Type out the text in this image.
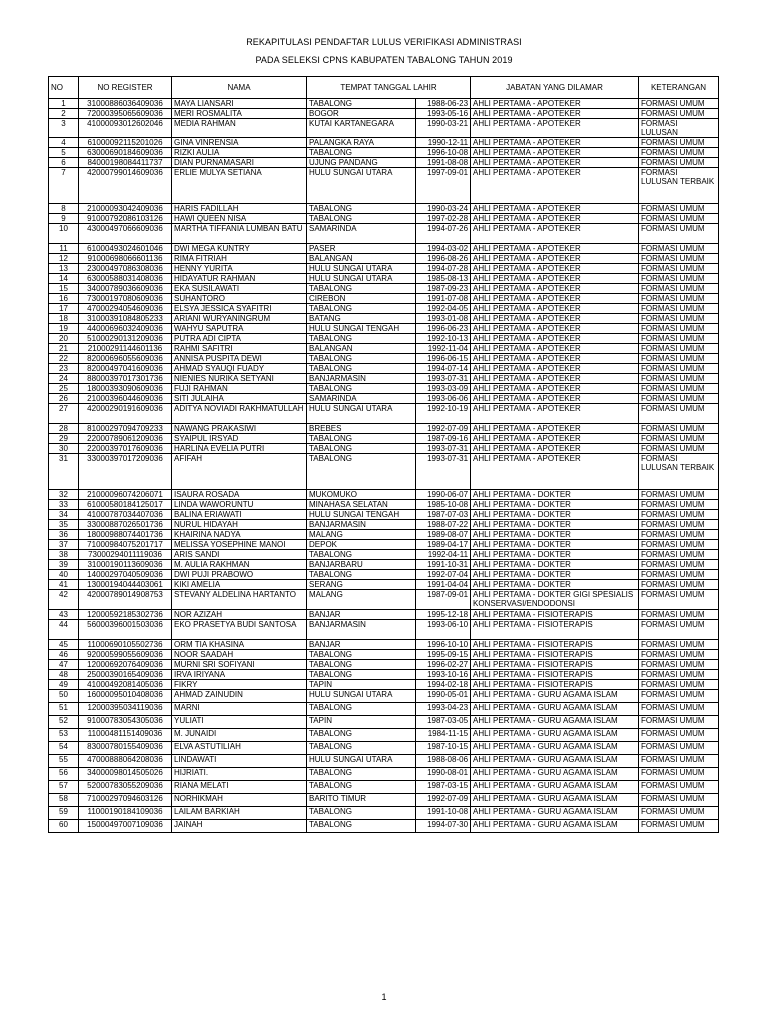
REKAPITULASI PENDAFTAR LULUS VERIFIKASI ADMINISTRASI
PADA SELEKSI CPNS KABUPATEN TABALONG TAHUN 2019
NO	NO REGISTER	NAMA	TEMPAT TANGGAL LAHIR		JABATAN YANG DILAMAR	KETERANGAN
1	31000886036409036	MAYA LIANSARI	TABALONG	1988-06-23	AHLI PERTAMA - APOTEKER	FORMASI UMUM
2	72000395065609036	MERI ROSMALITA	BOGOR	1993-05-16	AHLI PERTAMA - APOTEKER	FORMASI UMUM
3	41000093012602046	MEDIA RAHMAN	KUTAI KARTANEGARA	1990-03-21	AHLI PERTAMA - APOTEKER	FORMASI LULUSAN
4	61000092115201026	GINA VINRENSIA	PALANGKA RAYA	1990-12-11	AHLI PERTAMA - APOTEKER	FORMASI UMUM
5	63000690184609036	RIZKI AULIA	TABALONG	1996-10-08	AHLI PERTAMA - APOTEKER	FORMASI UMUM
6	84000198084411737	DIAN PURNAMASARI	UJUNG PANDANG	1991-08-08	AHLI PERTAMA - APOTEKER	FORMASI UMUM
7	42000799014609036	ERLIE MULYA SETIANA	HULU SUNGAI UTARA	1997-09-01	AHLI PERTAMA - APOTEKER	FORMASI LULUSAN TERBAIK
8	21000093042409036	HARIS FADILLAH	TABALONG	1990-03-24	AHLI PERTAMA - APOTEKER	FORMASI UMUM
9	91000792086103126	HAWI QUEEN NISA	TABALONG	1997-02-28	AHLI PERTAMA - APOTEKER	FORMASI UMUM
10	43000497066609036	MARTHA TIFFANIA LUMBAN BATU	SAMARINDA	1994-07-26	AHLI PERTAMA - APOTEKER	FORMASI UMUM
11	61000493024601046	DWI MEGA KUNTRY	PASER	1994-03-02	AHLI PERTAMA - APOTEKER	FORMASI UMUM
12	91000698066601136	RIMA FITRIAH	BALANGAN	1996-08-26	AHLI PERTAMA - APOTEKER	FORMASI UMUM
13	23000497086308036	HENNY YURITA	HULU SUNGAI UTARA	1994-07-28	AHLI PERTAMA - APOTEKER	FORMASI UMUM
14	63000588031408036	HIDAYATUR RAHMAN	HULU SUNGAI UTARA	1985-08-13	AHLI PERTAMA - APOTEKER	FORMASI UMUM
15	34000789036609036	EKA SUSILAWATI	TABALONG	1987-09-23	AHLI PERTAMA - APOTEKER	FORMASI UMUM
16	73000197080609036	SUHANTORO	CIREBON	1991-07-08	AHLI PERTAMA - APOTEKER	FORMASI UMUM
17	47000294054609036	ELSYA JESSICA SYAFITRI	TABALONG	1992-04-05	AHLI PERTAMA - APOTEKER	FORMASI UMUM
18	31000391084805233	ARIANI WURYANINGRUM	BATANG	1993-01-08	AHLI PERTAMA - APOTEKER	FORMASI UMUM
19	44000696032409036	WAHYU SAPUTRA	HULU SUNGAI TENGAH	1996-06-23	AHLI PERTAMA - APOTEKER	FORMASI UMUM
20	51000290131209036	PUTRA ADI CIPTA	TABALONG	1992-10-13	AHLI PERTAMA - APOTEKER	FORMASI UMUM
21	21000291144601136	RAHMI SAFITRI	BALANGAN	1992-11-04	AHLI PERTAMA - APOTEKER	FORMASI UMUM
22	82000696055609036	ANNISA PUSPITA DEWI	TABALONG	1996-06-15	AHLI PERTAMA - APOTEKER	FORMASI UMUM
23	82000497041609036	AHMAD SYAUQI FUADY	TABALONG	1994-07-14	AHLI PERTAMA - APOTEKER	FORMASI UMUM
24	88000397017301736	NIENIES NURIKA SETYANI	BANJARMASIN	1993-07-31	AHLI PERTAMA - APOTEKER	FORMASI UMUM
25	18000393090609036	FUJI RAHMAN	TABALONG	1993-03-09	AHLI PERTAMA - APOTEKER	FORMASI UMUM
26	21000396044609036	SITI JULAIHA	SAMARINDA	1993-06-06	AHLI PERTAMA - APOTEKER	FORMASI UMUM
27	42000290191609036	ADITYA NOVIADI RAKHMATULLAH	HULU SUNGAI UTARA	1992-10-19	AHLI PERTAMA - APOTEKER	FORMASI UMUM
28	81000297094709233	NAWANG PRAKASIWI	BREBES	1992-07-09	AHLI PERTAMA - APOTEKER	FORMASI UMUM
29	22000789061209036	SYAIPUL IRSYAD	TABALONG	1987-09-16	AHLI PERTAMA - APOTEKER	FORMASI UMUM
30	22000397017609036	HARLINA EVELIA PUTRI	TABALONG	1993-07-31	AHLI PERTAMA - APOTEKER	FORMASI UMUM
31	33000397017209036	AFIFAH	TABALONG	1993-07-31	AHLI PERTAMA - APOTEKER	FORMASI LULUSAN TERBAIK
32	21000096074206071	ISAURA ROSADA	MUKOMUKO	1990-06-07	AHLI PERTAMA - DOKTER	FORMASI UMUM
33	61000580184125017	LINDA WAWORUNTU	MINAHASA SELATAN	1985-10-08	AHLI PERTAMA - DOKTER	FORMASI UMUM
34	41000787034407036	BALINA ERIAWATI	HULU SUNGAI TENGAH	1987-07-03	AHLI PERTAMA - DOKTER	FORMASI UMUM
35	33000887026501736	NURUL HIDAYAH	BANJARMASIN	1988-07-22	AHLI PERTAMA - DOKTER	FORMASI UMUM
36	18000988074401736	KHAIRINA NADYA	MALANG	1989-08-07	AHLI PERTAMA - DOKTER	FORMASI UMUM
37	71000984075201717	MELISSA YOSEPHINE MANOI	DEPOK	1989-04-17	AHLI PERTAMA - DOKTER	FORMASI UMUM
38	73000294011119036	ARIS SANDI	TABALONG	1992-04-11	AHLI PERTAMA - DOKTER	FORMASI UMUM
39	31000190113609036	M. AULIA RAKHMAN	BANJARBARU	1991-10-31	AHLI PERTAMA - DOKTER	FORMASI UMUM
40	14000297040509036	DWI PUJI PRABOWO	TABALONG	1992-07-04	AHLI PERTAMA - DOKTER	FORMASI UMUM
41	13000194044403061	KIKI AMELIA	SERANG	1991-04-04	AHLI PERTAMA - DOKTER	FORMASI UMUM
42	42000789014908753	STEVANY ALDELINA HARTANTO	MALANG	1987-09-01	AHLI PERTAMA - DOKTER GIGI SPESIALIS KONSERVASI/ENDODONSI	FORMASI UMUM
43	12000592185302736	NOR AZIZAH	BANJAR	1995-12-18	AHLI PERTAMA - FISIOTERAPIS	FORMASI UMUM
44	56000396001503036	EKO PRASETYA BUDI SANTOSA	BANJARMASIN	1993-06-10	AHLI PERTAMA - FISIOTERAPIS	FORMASI UMUM
45	11000690105502736	ORM TIA KHASINA	BANJAR	1996-10-10	AHLI PERTAMA - FISIOTERAPIS	FORMASI UMUM
46	92000599055609036	NOOR SAADAH	TABALONG	1995-09-15	AHLI PERTAMA - FISIOTERAPIS	FORMASI UMUM
47	12000692076409036	MURNI SRI SOFIYANI	TABALONG	1996-02-27	AHLI PERTAMA - FISIOTERAPIS	FORMASI UMUM
48	25000390165409036	IRVA IRIYANA	TABALONG	1993-10-16	AHLI PERTAMA - FISIOTERAPIS	FORMASI UMUM
49	41000492081405036	FIKRY	TAPIN	1994-02-18	AHLI PERTAMA - FISIOTERAPIS	FORMASI UMUM
50	16000095010408036	AHMAD ZAINUDIN	HULU SUNGAI UTARA	1990-05-01	AHLI PERTAMA - GURU AGAMA ISLAM	FORMASI UMUM
51	12000395034119036	MARNI	TABALONG	1993-04-23	AHLI PERTAMA - GURU AGAMA ISLAM	FORMASI UMUM
52	91000783054305036	YULIATI	TAPIN	1987-03-05	AHLI PERTAMA - GURU AGAMA ISLAM	FORMASI UMUM
53	11000481151409036	M. JUNAIDI	TABALONG	1984-11-15	AHLI PERTAMA - GURU AGAMA ISLAM	FORMASI UMUM
54	83000780155409036	ELVA ASTUTILIAH	TABALONG	1987-10-15	AHLI PERTAMA - GURU AGAMA ISLAM	FORMASI UMUM
55	47000888064208036	LINDAWATI	HULU SUNGAI UTARA	1988-08-06	AHLI PERTAMA - GURU AGAMA ISLAM	FORMASI UMUM
56	34000098014505026	HIJRIATI.	TABALONG	1990-08-01	AHLI PERTAMA - GURU AGAMA ISLAM	FORMASI UMUM
57	52000783055209036	RIANA MELATI	TABALONG	1987-03-15	AHLI PERTAMA - GURU AGAMA ISLAM	FORMASI UMUM
58	71000297094603126	NORHIKMAH	BARITO TIMUR	1992-07-09	AHLI PERTAMA - GURU AGAMA ISLAM	FORMASI UMUM
59	11000190184109036	LAILAM BARKIAH	TABALONG	1991-10-08	AHLI PERTAMA - GURU AGAMA ISLAM	FORMASI UMUM
60	15000497007109036	JAINAH	TABALONG	1994-07-30	AHLI PERTAMA - GURU AGAMA ISLAM	FORMASI UMUM
1
